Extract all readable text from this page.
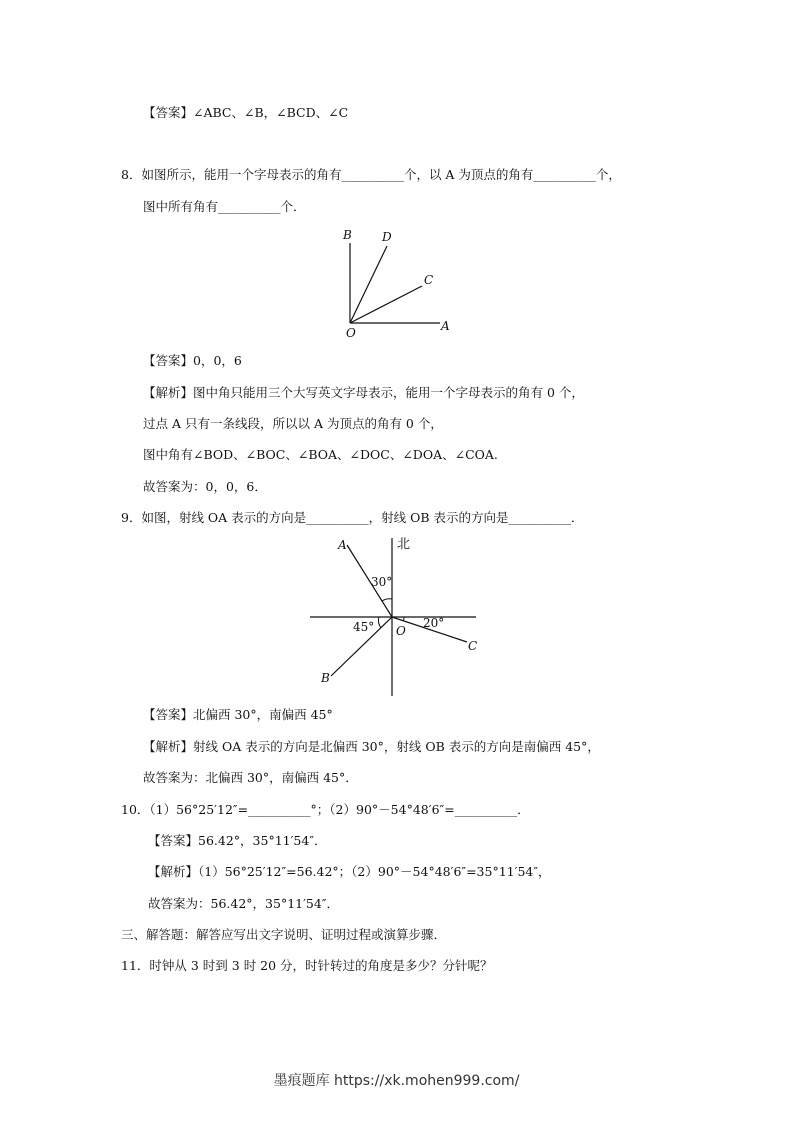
【答案】∠ABC、∠B，∠BCD、∠C
8．如图所示，能用一个字母表示的角有__________个，以 A 为顶点的角有__________个，
图中所有角有__________个．
B	D
C
O	A
【答案】0，0，6
【解析】图中角只能用三个大写英文字母表示，能用一个字母表示的角有 0 个，
过点 A 只有一条线段，所以以 A 为顶点的角有 0 个，
图中角有∠BOD、∠BOC、∠BOA、∠DOC、∠DOA、∠COA.
故答案为：0，0，6．
9．如图，射线 OA 表示的方向是__________，射线 OB 表示的方向是__________．
北
A
30°
45° O
20°
C
B
【答案】北偏西 30°，南偏西 45°
【解析】射线 OA 表示的方向是北偏西 30°，射线 OB 表示的方向是南偏西 45°，
故答案为：北偏西 30°，南偏西 45°．
10．（1）56°25′12″=__________°；（2）90°－54°48′6″=__________．
【答案】56.42°，35°11′54″．
【解析】（1）56°25′12″=56.42°；（2）90°－54°48′6″=35°11′54″，
故答案为：56.42°，35°11′54″．
三、解答题：解答应写出文字说明、证明过程或演算步骤．
11．时钟从 3 时到 3 时 20 分，时针转过的角度是多少？分针呢？
墨痕题库 https://xk.mohen999.com/
